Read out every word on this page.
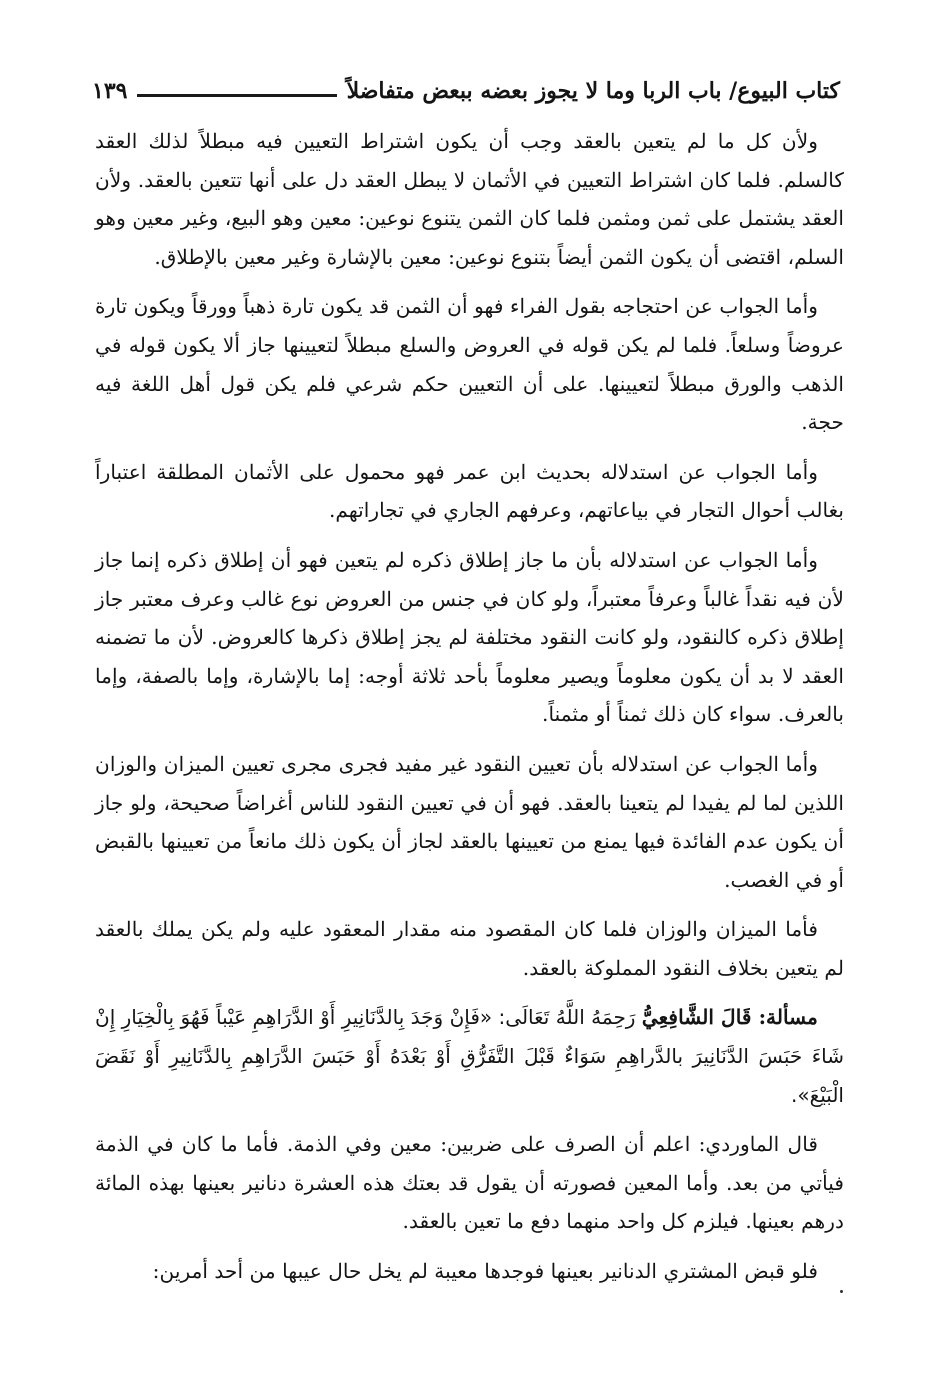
كتاب البيوع/ باب الربا وما لا يجوز بعضه ببعض متفاضلاً
١٣٩

ولأن كل ما لم يتعين بالعقد وجب أن يكون اشتراط التعيين فيه مبطلاً لذلك العقد كالسلم. فلما كان اشتراط التعيين في الأثمان لا يبطل العقد دل على أنها تتعين بالعقد. ولأن العقد يشتمل على ثمن ومثمن فلما كان الثمن يتنوع نوعين: معين وهو البيع، وغير معين وهو السلم، اقتضى أن يكون الثمن أيضاً بتنوع نوعين: معين بالإشارة وغير معين بالإطلاق.

وأما الجواب عن احتجاجه بقول الفراء فهو أن الثمن قد يكون تارة ذهباً وورقاً ويكون تارة عروضاً وسلعاً. فلما لم يكن قوله في العروض والسلع مبطلاً لتعيينها جاز ألا يكون قوله في الذهب والورق مبطلاً لتعيينها. على أن التعيين حكم شرعي فلم يكن قول أهل اللغة فيه حجة.

وأما الجواب عن استدلاله بحديث ابن عمر فهو محمول على الأثمان المطلقة اعتباراً بغالب أحوال التجار في بياعاتهم، وعرفهم الجاري في تجاراتهم.

وأما الجواب عن استدلاله بأن ما جاز إطلاق ذكره لم يتعين فهو أن إطلاق ذكره إنما جاز لأن فيه نقداً غالباً وعرفاً معتبراً، ولو كان في جنس من العروض نوع غالب وعرف معتبر جاز إطلاق ذكره كالنقود، ولو كانت النقود مختلفة لم يجز إطلاق ذكرها كالعروض. لأن ما تضمنه العقد لا بد أن يكون معلوماً ويصير معلوماً بأحد ثلاثة أوجه: إما بالإشارة، وإما بالصفة، وإما بالعرف. سواء كان ذلك ثمناً أو مثمناً.

وأما الجواب عن استدلاله بأن تعيين النقود غير مفيد فجرى مجرى تعيين الميزان والوزان اللذين لما لم يفيدا لم يتعينا بالعقد. فهو أن في تعيين النقود للناس أغراضاً صحيحة، ولو جاز أن يكون عدم الفائدة فيها يمنع من تعيينها بالعقد لجاز أن يكون ذلك مانعاً من تعيينها بالقبض أو في الغصب.

فأما الميزان والوزان فلما كان المقصود منه مقدار المعقود عليه ولم يكن يملك بالعقد لم يتعين بخلاف النقود المملوكة بالعقد.

مسألة: قَالَ الشَّافِعِيُّ رَحِمَهُ اللَّهُ تَعَالَى: «فَإِنْ وَجَدَ بِالدَّنَانِيرِ أَوْ الدَّرَاهِمِ عَيْباً فَهُوَ بِالْخِيَارِ إِنْ شَاءَ حَبَسَ الدَّنَانِيرَ بالدَّراهِمِ سَوَاءٌ قَبْلَ التَّفَرُّقِ أَوْ بَعْدَهُ أَوْ حَبَسَ الدَّرَاهِمِ بِالدَّنَانِيرِ أَوْ نَقَضَ الْبَيْعَ».

قال الماوردي: اعلم أن الصرف على ضربين: معين وفي الذمة. فأما ما كان في الذمة فيأتي من بعد. وأما المعين فصورته أن يقول قد بعتك هذه العشرة دنانير بعينها بهذه المائة درهم بعينها. فيلزم كل واحد منهما دفع ما تعين بالعقد.

فلو قبض المشتري الدنانير بعينها فوجدها معيبة لم يخل حال عيبها من أحد أمرين:
